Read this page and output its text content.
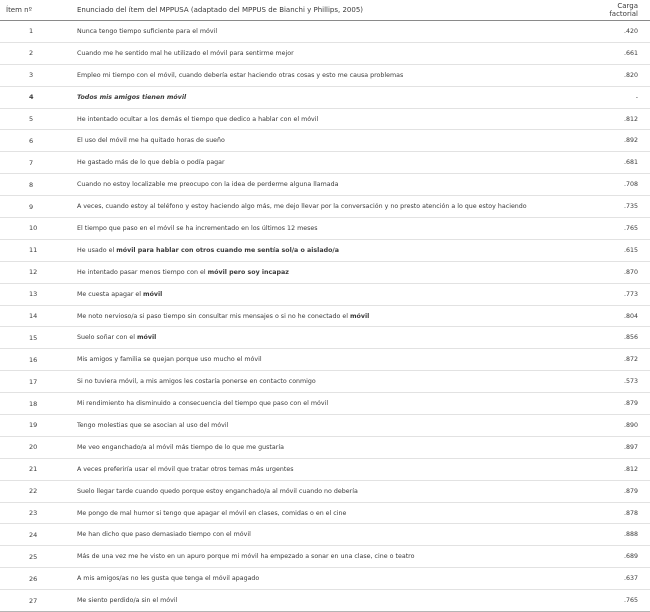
Ítem nº	Enunciado del ítem del MPPUSA (adaptado del MPPUS de Bianchi y Phillips, 2005)	Carga factorial
1	Nunca tengo tiempo suficiente para el móvil	.420
2	Cuando me he sentido mal he utilizado el móvil para sentirme mejor	.661
3	Empleo mi tiempo con el móvil, cuando debería estar haciendo otras cosas y esto me causa problemas	.820
4	Todos mis amigos tienen móvil	-
5	He intentado ocultar a los demás el tiempo que dedico a hablar con el móvil	.812
6	El uso del móvil me ha quitado horas de sueño	.892
7	He gastado más de lo que debía o podía pagar	.681
8	Cuando no estoy localizable me preocupo con la idea de perderme alguna llamada	.708
9	A veces, cuando estoy al teléfono y estoy haciendo algo más, me dejo llevar por la conversación y no presto atención a lo que estoy haciendo	.735
10	El tiempo que paso en el móvil se ha incrementado en los últimos 12 meses	.765
11	He usado el móvil para hablar con otros cuando me sentía sol/a o aislado/a	.615
12	He intentado pasar menos tiempo con el móvil pero soy incapaz	.870
13	Me cuesta apagar el móvil	.773
14	Me noto nervioso/a si paso tiempo sin consultar mis mensajes o si no he conectado el móvil	.804
15	Suelo soñar con el móvil	.856
16	Mis amigos y familia se quejan porque uso mucho el móvil	.872
17	Si no tuviera móvil, a mis amigos les costaría ponerse en contacto conmigo	.573
18	Mi rendimiento ha disminuido a consecuencia del tiempo que paso con el móvil	.879
19	Tengo molestias que se asocian al uso del móvil	.890
20	Me veo enganchado/a al móvil más tiempo de lo que me gustaría	.897
21	A veces preferiría usar el móvil que tratar otros temas más urgentes	.812
22	Suelo llegar tarde cuando quedo porque estoy enganchado/a al móvil cuando no debería	.879
23	Me pongo de mal humor si tengo que apagar el móvil en clases, comidas o en el cine	.878
24	Me han dicho que paso demasiado tiempo con el móvil	.888
25	Más de una vez me he visto en un apuro porque mi móvil ha empezado a sonar en una clase, cine o teatro	.689
26	A mis amigos/as no les gusta que tenga el móvil apagado	.637
27	Me siento perdido/a sin el móvil	.765
